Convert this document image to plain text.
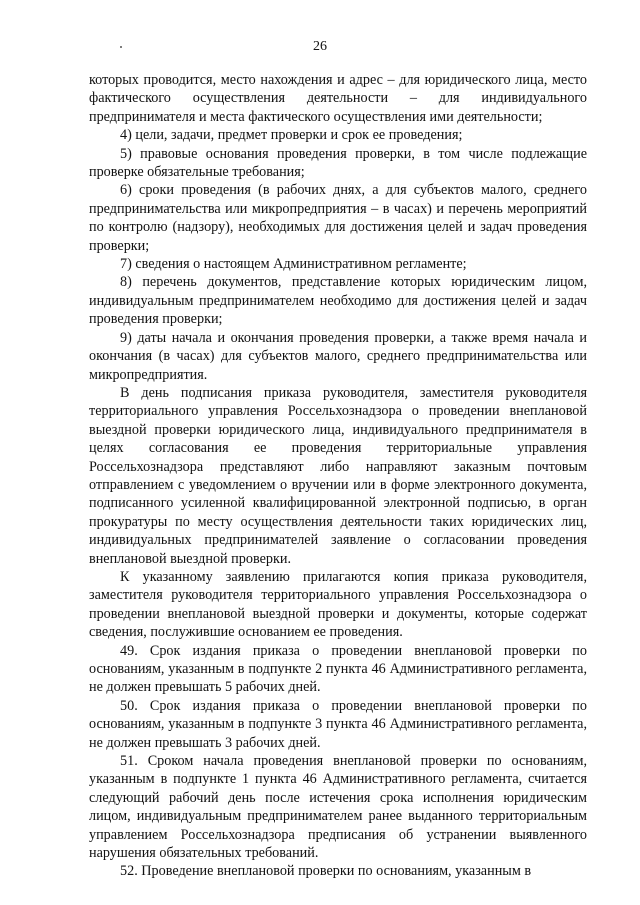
26

которых проводится, место нахождения и адрес – для юридического лица, место фактического осуществления деятельности – для индивидуального предпринимателя и места фактического осуществления ими деятельности;

4) цели, задачи, предмет проверки и срок ее проведения;

5) правовые основания проведения проверки, в том числе подлежащие проверке обязательные требования;

6) сроки проведения (в рабочих днях, а для субъектов малого, среднего предпринимательства или микропредприятия – в часах) и перечень мероприятий по контролю (надзору), необходимых для достижения целей и задач проведения проверки;

7) сведения о настоящем Административном регламенте;

8) перечень документов, представление которых юридическим лицом, индивидуальным предпринимателем необходимо для достижения целей и задач проведения проверки;

9) даты начала и окончания проведения проверки, а также время начала и окончания (в часах) для субъектов малого, среднего предпринимательства или микропредприятия.

В день подписания приказа руководителя, заместителя руководителя территориального управления Россельхознадзора о проведении внеплановой выездной проверки юридического лица, индивидуального предпринимателя в целях согласования ее проведения территориальные управления Россельхознадзора представляют либо направляют заказным почтовым отправлением с уведомлением о вручении или в форме электронного документа, подписанного усиленной квалифицированной электронной подписью, в орган прокуратуры по месту осуществления деятельности таких юридических лиц, индивидуальных предпринимателей заявление о согласовании проведения внеплановой выездной проверки.

К указанному заявлению прилагаются копия приказа руководителя, заместителя руководителя территориального управления Россельхознадзора о проведении внеплановой выездной проверки и документы, которые содержат сведения, послужившие основанием ее проведения.

49. Срок издания приказа о проведении внеплановой проверки по основаниям, указанным в подпункте 2 пункта 46 Административного регламента, не должен превышать 5 рабочих дней.

50. Срок издания приказа о проведении внеплановой проверки по основаниям, указанным в подпункте 3 пункта 46 Административного регламента, не должен превышать 3 рабочих дней.

51. Сроком начала проведения внеплановой проверки по основаниям, указанным в подпункте 1 пункта 46 Административного регламента, считается следующий рабочий день после истечения срока исполнения юридическим лицом, индивидуальным предпринимателем ранее выданного территориальным управлением Россельхознадзора предписания об устранении выявленного нарушения обязательных требований.

52. Проведение внеплановой проверки по основаниям, указанным в
